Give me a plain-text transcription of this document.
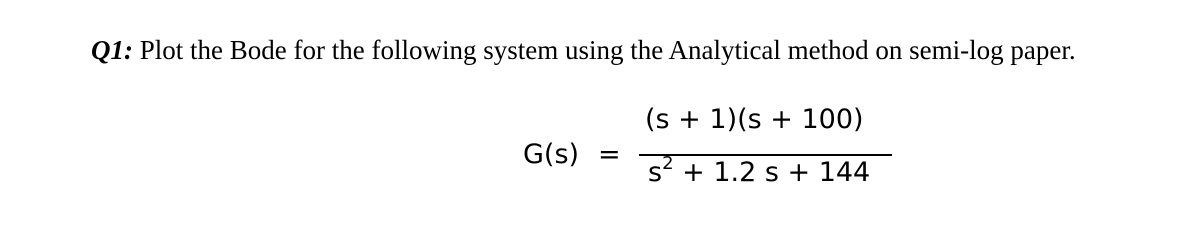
Q1: Plot the Bode for the following system using the Analytical method on semi-log paper.
G(s) =
(s + 1)(s + 100)
$s^2 + 1.2$ s + 144
